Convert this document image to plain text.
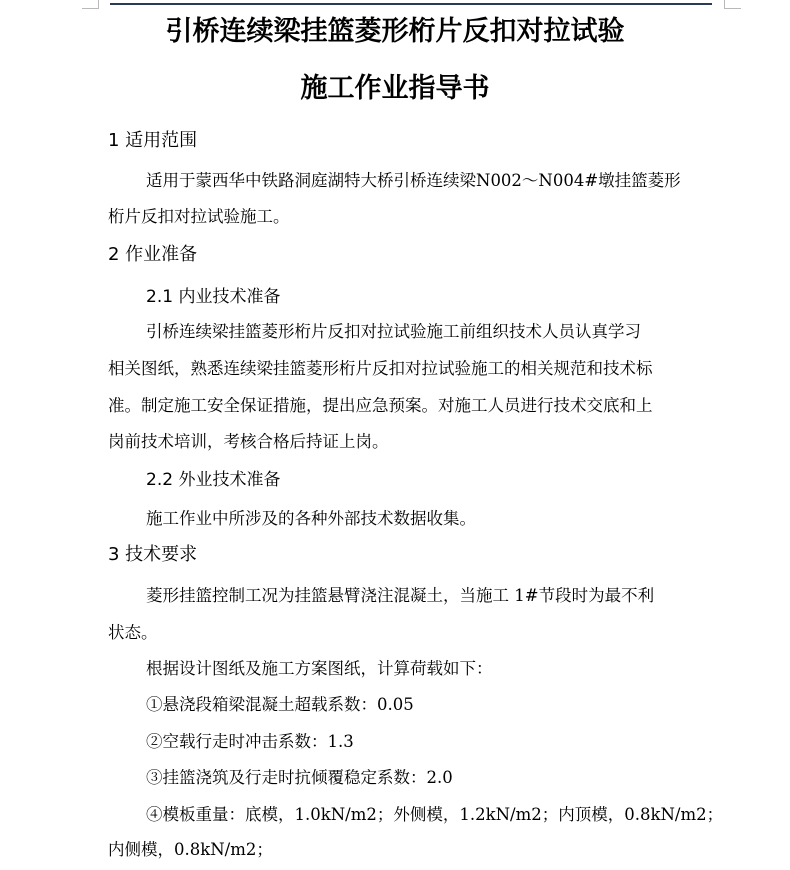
引桥连续梁挂篮菱形桁片反扣对拉试验
施工作业指导书
1 适用范围
适用于蒙西华中铁路洞庭湖特大桥引桥连续梁N002～N004#墩挂篮菱形
桁片反扣对拉试验施工。
2 作业准备
2.1 内业技术准备
引桥连续梁挂篮菱形桁片反扣对拉试验施工前组织技术人员认真学习
相关图纸，熟悉连续梁挂篮菱形桁片反扣对拉试验施工的相关规范和技术标
准。制定施工安全保证措施，提出应急预案。对施工人员进行技术交底和上
岗前技术培训，考核合格后持证上岗。
2.2 外业技术准备
施工作业中所涉及的各种外部技术数据收集。
3 技术要求
菱形挂篮控制工况为挂篮悬臂浇注混凝土，当施工 1#节段时为最不利
状态。
根据设计图纸及施工方案图纸，计算荷载如下：
①悬浇段箱梁混凝土超载系数：0.05
②空载行走时冲击系数：1.3
③挂篮浇筑及行走时抗倾覆稳定系数：2.0
④模板重量：底模，1.0kN/m2；外侧模，1.2kN/m2；内顶模，0.8kN/m2；
内侧模，0.8kN/m2；
